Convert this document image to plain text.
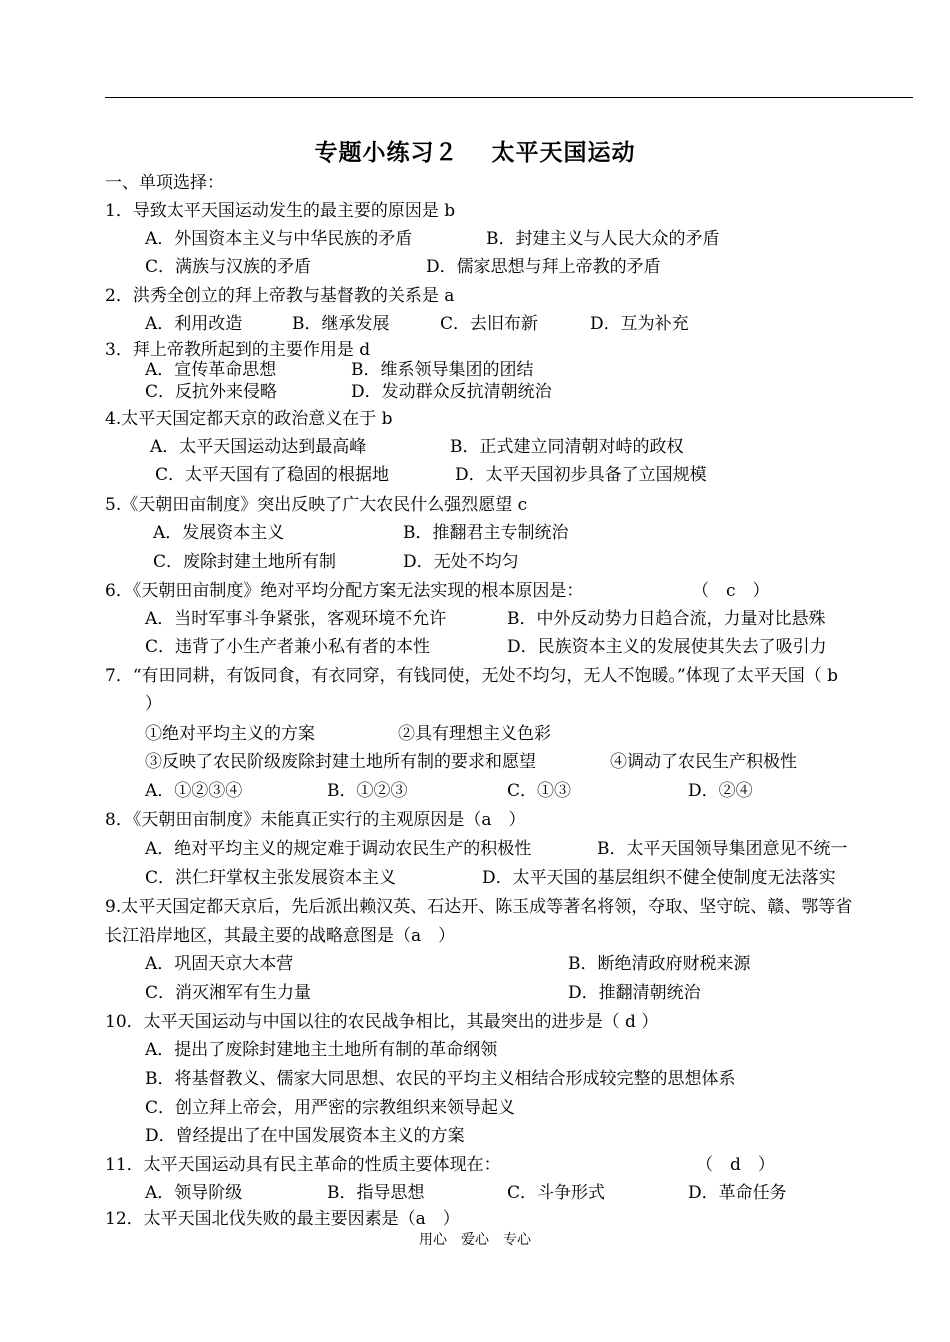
专题小练习２　 太平天国运动
一、单项选择：
1．导致太平天国运动发生的最主要的原因是 b
A．外国资本主义与中华民族的矛盾	B．封建主义与人民大众的矛盾
C．满族与汉族的矛盾	D．儒家思想与拜上帝教的矛盾
2．洪秀全创立的拜上帝教与基督教的关系是 a
A．利用改造	B．继承发展	C．去旧布新	D．互为补充
3．拜上帝教所起到的主要作用是 d
A．宣传革命思想	B．维系领导集团的团结
C．反抗外来侵略	D．发动群众反抗清朝统治
4.太平天国定都天京的政治意义在于 b
A．太平天国运动达到最高峰	B．正式建立同清朝对峙的政权
C．太平天国有了稳固的根据地	D．太平天国初步具备了立国规模
5.《天朝田亩制度》突出反映了广大农民什么强烈愿望 c
A．发展资本主义	B．推翻君主专制统治
C．废除封建土地所有制	D．无处不均匀
6．《天朝田亩制度》绝对平均分配方案无法实现的根本原因是：	（　c　）
A．当时军事斗争紧张，客观环境不允许	B．中外反动势力日趋合流，力量对比悬殊
C．违背了小生产者兼小私有者的本性	D．民族资本主义的发展使其失去了吸引力
7．“有田同耕，有饭同食，有衣同穿，有钱同使，无处不均匀，无人不饱暖。”体现了太平天国（ b
）
①绝对平均主义的方案	②具有理想主义色彩
③反映了农民阶级废除封建土地所有制的要求和愿望	④调动了农民生产积极性
A．①②③④	B．①②③	C．①③	D．②④
8．《天朝田亩制度》未能真正实行的主观原因是（a　）
A．绝对平均主义的规定难于调动农民生产的积极性	B．太平天国领导集团意见不统一
C．洪仁玕掌权主张发展资本主义	D．太平天国的基层组织不健全使制度无法落实
9.太平天国定都天京后，先后派出赖汉英、石达开、陈玉成等著名将领，夺取、坚守皖、赣、鄂等省
长江沿岸地区，其最主要的战略意图是（a　）
A．巩固天京大本营	B．断绝清政府财税来源
C．消灭湘军有生力量	D．推翻清朝统治
10．太平天国运动与中国以往的农民战争相比，其最突出的进步是（ d ）
A．提出了废除封建地主土地所有制的革命纲领
B．将基督教义、儒家大同思想、农民的平均主义相结合形成较完整的思想体系
C．创立拜上帝会，用严密的宗教组织来领导起义
D．曾经提出了在中国发展资本主义的方案
11．太平天国运动具有民主革命的性质主要体现在：	（　d　）
A．领导阶级	B．指导思想	C．斗争形式	D．革命任务
12．太平天国北伐失败的最主要因素是（a　）
用心　爱心　专心
